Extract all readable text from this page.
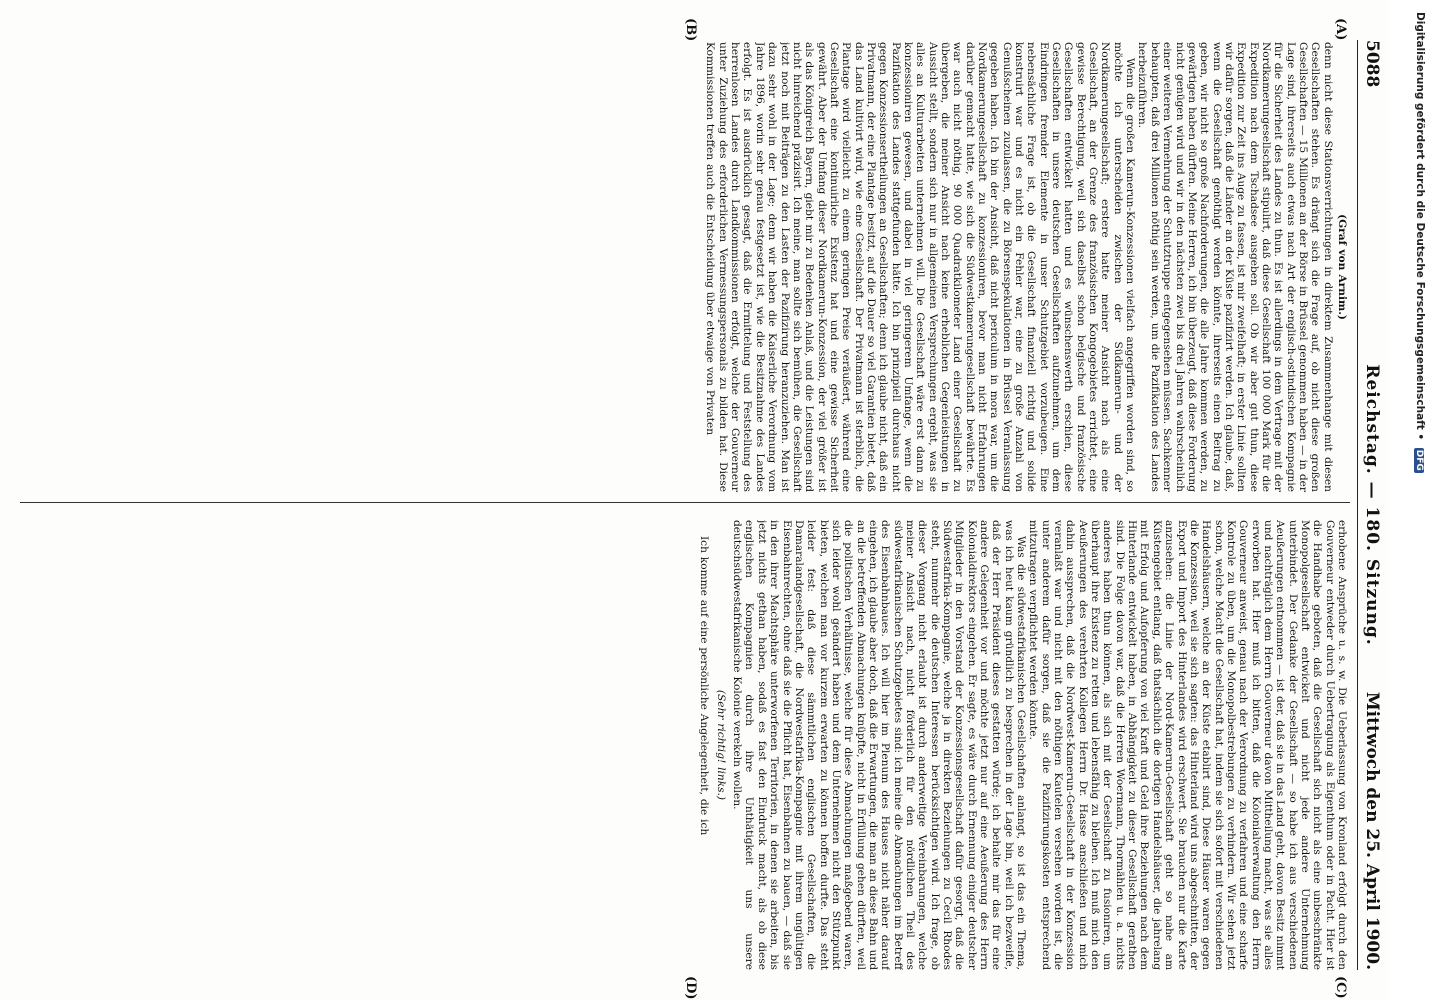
5088
Reichstag. — 180. Sitzung.
Mittwoch den 25. April 1900.
(A)
(B)
(C)
(D)

(Graf von Arnim.)

denn nicht diese Stationsverrichtungen in direktem Zusammenhange mit diesen Gesellschaften stehen. Es drängt sich die Frage auf, ob nicht diese großen Gesellschaften — 15 Millionen an der Börse in Brüssel genommen haben — in der Lage sind, ihrerseits auch etwas nach Art der englisch-ostindischen Kompagnie für die Sicherheit des Landes zu thun. Es ist allerdings in dem Vertrage mit der Nordkamerungesellschaft stipulirt, daß diese Gesellschaft 100 000 Mark für die Expedition nach dem Tschadsee ausgeben soll. Ob wir aber gut thun, diese Expedition zur Zeit ins Auge zu fassen, ist mir zweifelhaft; in erster Linie sollten wir dafür sorgen, daß die Länder an der Küste pazifizirt werden. Ich glaube, daß, wenn die Gesellschaft genöthigt werden könnte, ihrerseits einen Beitrag zu geben, wir nicht so große Nachforderungen, die alle Jahre kommen werden, zu gewärtigen haben dürften. Meine Herren, ich bin überzeugt, daß diese Forderung nicht genügen wird und wir in den nächsten zwei bis drei Jahren wahrscheinlich einer weiteren Vermehrung der Schutztruppe entgegensehen müssen. Sachkenner behaupten, daß drei Millionen nöthig sein werden, um die Pazifikation des Landes herbeizuführen.

Wenn die großen Kamerun-Konzessionen vielfach angegriffen worden sind, so möchte ich unterscheiden zwischen der Südkamerun- und der Nordkamerungesellschaft; erstere hatte meiner Ansicht nach als eine Gesellschaft, an der Grenze des französischen Kongogebietes errichtet, eine gewisse Berechtigung, weil sich daselbst schon belgische und französische Gesellschaften entwickelt hatten und es wünschenswerth erschien, diese Gesellschaften in unsere deutschen Gesellschaften aufzunehmen, um dem Eindringen fremder Elemente in unser Schutzgebiet vorzubeugen. Eine nebensächliche Frage ist, ob die Gesellschaft finanziell richtig und solide konstruirt war und es nicht ein Fehler war, eine zu große Anzahl von Genußscheinen zuzulassen, die zu Börsenspekulationen in Brüssel Veranlassung gegeben haben. Ich bin der Ansicht, daß nicht periculum in mora war, um die Nordkamerungesellschaft zu konzessioniren, bevor man nicht Erfahrungen darüber gemacht hatte, wie sich die Südwestkamerungesellschaft bewährte. Es war auch nicht nöthig, 90 000 Quadratkilometer Land einer Gesellschaft zu übergeben, die meiner Ansicht nach keine erheblichen Gegenleistungen in Aussicht stellt, sondern sich nur in allgemeinen Versprechungen ergeht, was sie alles an Kulturarbeiten unternehmen will. Die Gesellschaft wäre erst dann zu konzessioniren gewesen, und dabei in viel geringerem Umfange, wenn die Pazifikation des Landes stattgefunden hätte. Ich bin prinzipiell durchaus nicht gegen Konzessionsertheilungen an Gesellschaften; denn ich glaube nicht, daß ein Privatmann, der eine Plantage besitzt, auf die Dauer so viel Garantien bietet, daß das Land kultivirt wird, wie eine Gesellschaft. Der Privatmann ist sterblich, die Plantage wird vielleicht zu einem geringen Preise veräußert, während eine Gesellschaft eine kontinuirliche Existenz hat und eine gewisse Sicherheit gewährt. Aber der Umfang dieser Nordkamerun-Konzession, der viel größer ist als das Königreich Bayern, giebt mir zu Bedenken Anlaß, und die Leistungen sind nicht hinreichend präzisirt. Ich meine, man sollte sich bemühen, die Gesellschaft jetzt noch mit Beiträgen zu den Lasten der Pazifizirung heranzuziehen. Man ist dazu sehr wohl in der Lage; denn wir haben die Kaiserliche Verordnung vom Jahre 1896, worin sehr genau festgesetzt ist, wie die Besitznahme des Landes erfolgt. Es ist ausdrücklich gesagt, daß die Ermittelung und Feststellung des herrenlosen Landes durch Landkommissionen erfolgt, welche der Gouverneur unter Zuziehung des erforderlichen Vermessungspersonals zu bilden hat. Diese Kommissionen treffen auch die Entscheidung über etwaige von Privaten

erhobene Ansprüche u. s. w. Die Ueberlassung von Kronland erfolgt durch den Gouverneur entweder durch Uebertragung als Eigenthum oder in Pacht. Hier ist die Handhabe geboten, daß die Gesellschaft sich nicht als eine unbeschränkte Monopolgesellschaft entwickelt und nicht jede andere Unternehmung unterbindet. Der Gedanke der Gesellschaft — so habe ich aus verschiedenen Aeußerungen entnommen — ist der, daß sie in das Land geht, davon Besitz nimmt und nachträglich dem Herrn Gouverneur davon Mittheilung macht, was sie alles erworben hat. Hier muß ich bitten, daß die Kolonialverwaltung den Herrn Gouverneur anweist, genau nach der Verordnung zu verfahren und eine scharfe Kontrole zu üben, um die Monopolbestrebungen zu verhindern. Wir sehen jetzt schon, welche Macht die Gesellschaft hat, indem sie sich sofort mit verschiedenen Handelshäusern, welche an der Küste etablirt sind, Diese Häuser waren gegen die Konzession, weil sie sich sagten: das Hinterland wird uns abgeschnitten, der Export und Import des Hinterlandes wird erschwert. Sie brauchen nur die Karte anzusehen: die Linie der Nord-Kamerun-Gesellschaft geht so nahe am Küstengebiet entlang, daß thatsächlich die dortigen Handelshäuser, die jahrelang mit Erfolg und Aufopferung von viel Kraft und Geld ihre Beziehungen nach dem Hinterlande entwickelt haben, in Abhängigkeit zu dieser Gesellschaft gerathen sind. Die Folge davon war, daß die Herren Woermann, Thormählen u. a. nichts anderes haben thun können, als sich mit der Gesellschaft zu fusioniren, um überhaupt ihre Existenz zu retten und lebensfähig zu bleiben. Ich muß mich den Aeußerungen des verehrten Kollegen Herrn Dr. Hasse anschließen und mich dahin aussprechen, daß die Nordwest-Kamerun-Gesellschaft in der Konzession veranlaßt war und nicht mit den nöthigen Kautelen versehen worden ist, die unter anderem dafür sorgen, daß sie die Pazifizirungskosten entsprechend mitzutragen verpflichtet werden könnte.

Was die südwestafrikanischen Gesellschaften anlangt, so ist das ein Thema, was ich heut kaum gründlich zu besprechen in der Lage bin, weil ich bezweifle, daß der Herr Präsident dieses gestatten würde; ich behalte mir das für eine andere Gelegenheit vor und möchte jetzt nur auf eine Aeußerung des Herrn Kolonialdirektors eingehen. Er sagte, es wäre durch Ernennung einiger deutscher Mitglieder in den Vorstand der Konzessionsgesellschaft dafür gesorgt, daß die Südwestafrika-Kompagnie, welche ja in direkten Beziehungen zu Cecil Rhodes steht, nunmehr die deutschen Interessen berücksichtigen wird. Ich frage, ob dieser Vorgang nicht erlaubt ist durch anderweitige Vereinbarungen, welche meiner Ansicht nach, nicht förderlich für den nördlichen Theil des südwestafrikanischen Schutzgebietes sind: ich meine die Abmachungen im Betreff des Eisenbahnbaues. Ich will hier im Plenum des Hauses nicht näher darauf eingehen, ich glaube aber doch, daß die Erwartungen, die man an diese Bahn und an die betreffenden Abmachungen knüpfte, nicht in Erfüllung gehen dürften, weil die politischen Verhältnisse, welche für diese Abmachungen maßgebend waren, sich leider wohl geändert haben und dem Unternehmen nicht den Stützpunkt bieten, welchen man vor kurzem erwarten zu können hoffen durfte. Das steht leider fest: daß diese sämmtlichen englischen Gesellschaften, die Damaralandgesellschaft, die Nordwestafrika-Kompagnie mit ihrem ungültigen Eisenbahnrechten, ohne daß sie die Pflicht hat, Eisenbahnen zu bauen, — daß sie in den ihrer Machtsphäre unterworfenen Territorien, in denen sie arbeiten, bis jetzt nichts gethan haben, sodaß es fast den Eindruck macht, als ob diese englischen Kompagnien durch ihre Unthätigkeit uns unsere deutschsüdwestafrikanische Kolonie verekeln wollen.

(Sehr richtig! links.)

Ich komme auf eine persönliche Angelegenheit, die ich

Digitalisierung gefördert durch die Deutsche Forschungsgemeinschaft • DFG
